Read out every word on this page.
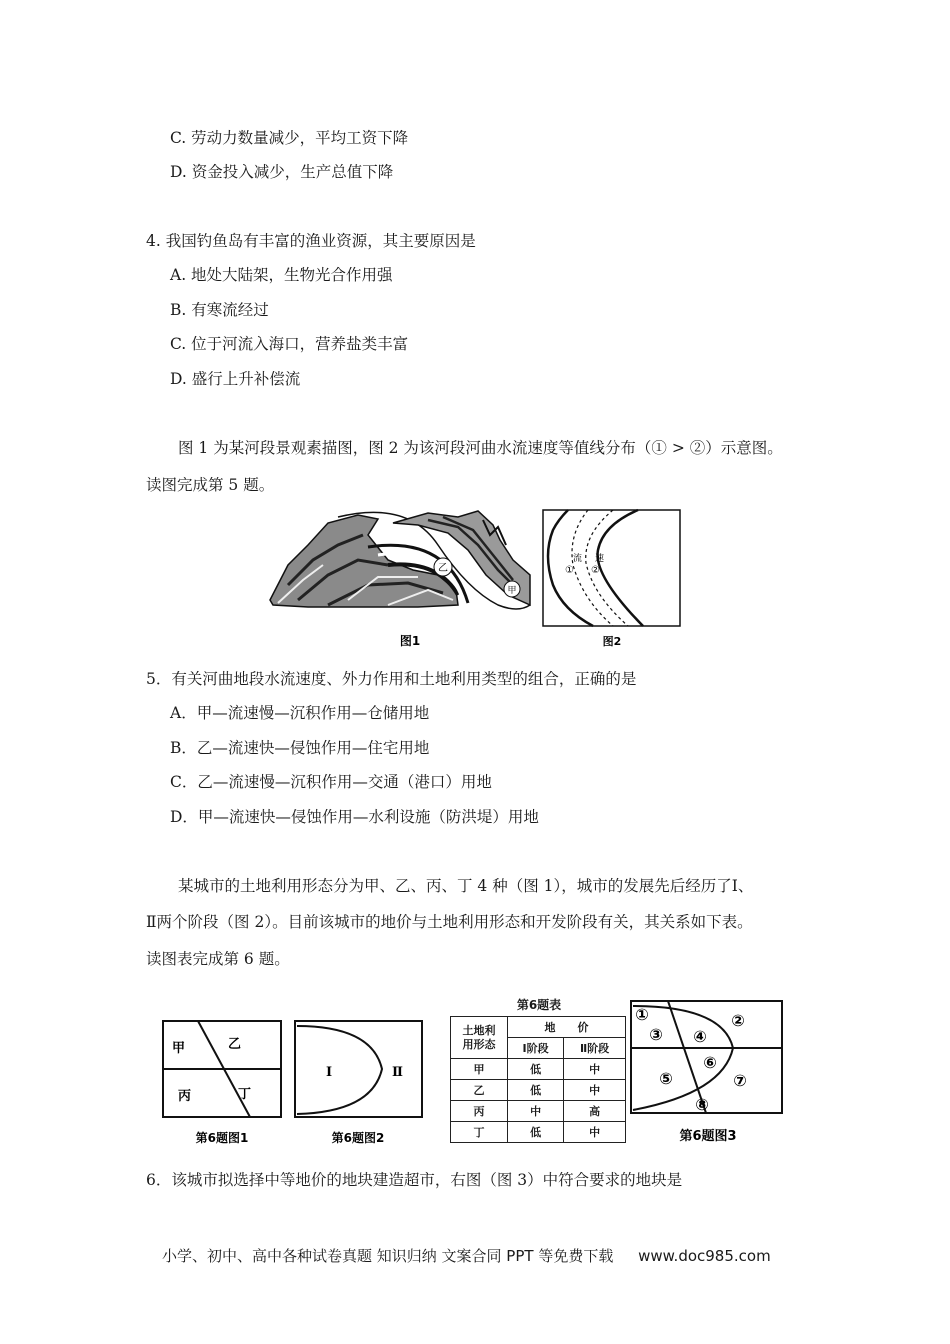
C. 劳动力数量减少，平均工资下降
D. 资金投入减少，生产总值下降
4. 我国钓鱼岛有丰富的渔业资源，其主要原因是
A. 地处大陆架，生物光合作用强
B. 有寒流经过
C. 位于河流入海口，营养盐类丰富
D. 盛行上升补偿流
图 1 为某河段景观素描图，图 2 为该河段河曲水流速度等值线分布（① > ②）示意图。
读图完成第 5 题。
乙
甲
图1
流 速
① ②
图2
5．有关河曲地段水流速度、外力作用和土地利用类型的组合，正确的是
A．甲—流速慢—沉积作用—仓储用地
B．乙—流速快—侵蚀作用—住宅用地
C．乙—流速慢—沉积作用—交通（港口）用地
D．甲—流速快—侵蚀作用—水利设施（防洪堤）用地
某城市的土地利用形态分为甲、乙、丙、丁 4 种（图 1），城市的发展先后经历了Ⅰ、
Ⅱ两个阶段（图 2）。目前该城市的地价与土地利用形态和开发阶段有关，其关系如下表。
读图表完成第 6 题。
甲	乙
丙	丁
第6题图1
Ⅰ	Ⅱ
第6题图2
第6题表
土地利
用形态	地　　价	
	Ⅰ阶段	Ⅱ阶段
甲	低	中
乙	低	中
丙	中	高
丁	低	中
①	②
③ ④
⑤
⑥
⑦
⑧
第6题图3
6．该城市拟选择中等地价的地块建造超市，右图（图 3）中符合要求的地块是
小学、初中、高中各种试卷真题 知识归纳 文案合同 PPT 等免费下载 www.doc985.com
